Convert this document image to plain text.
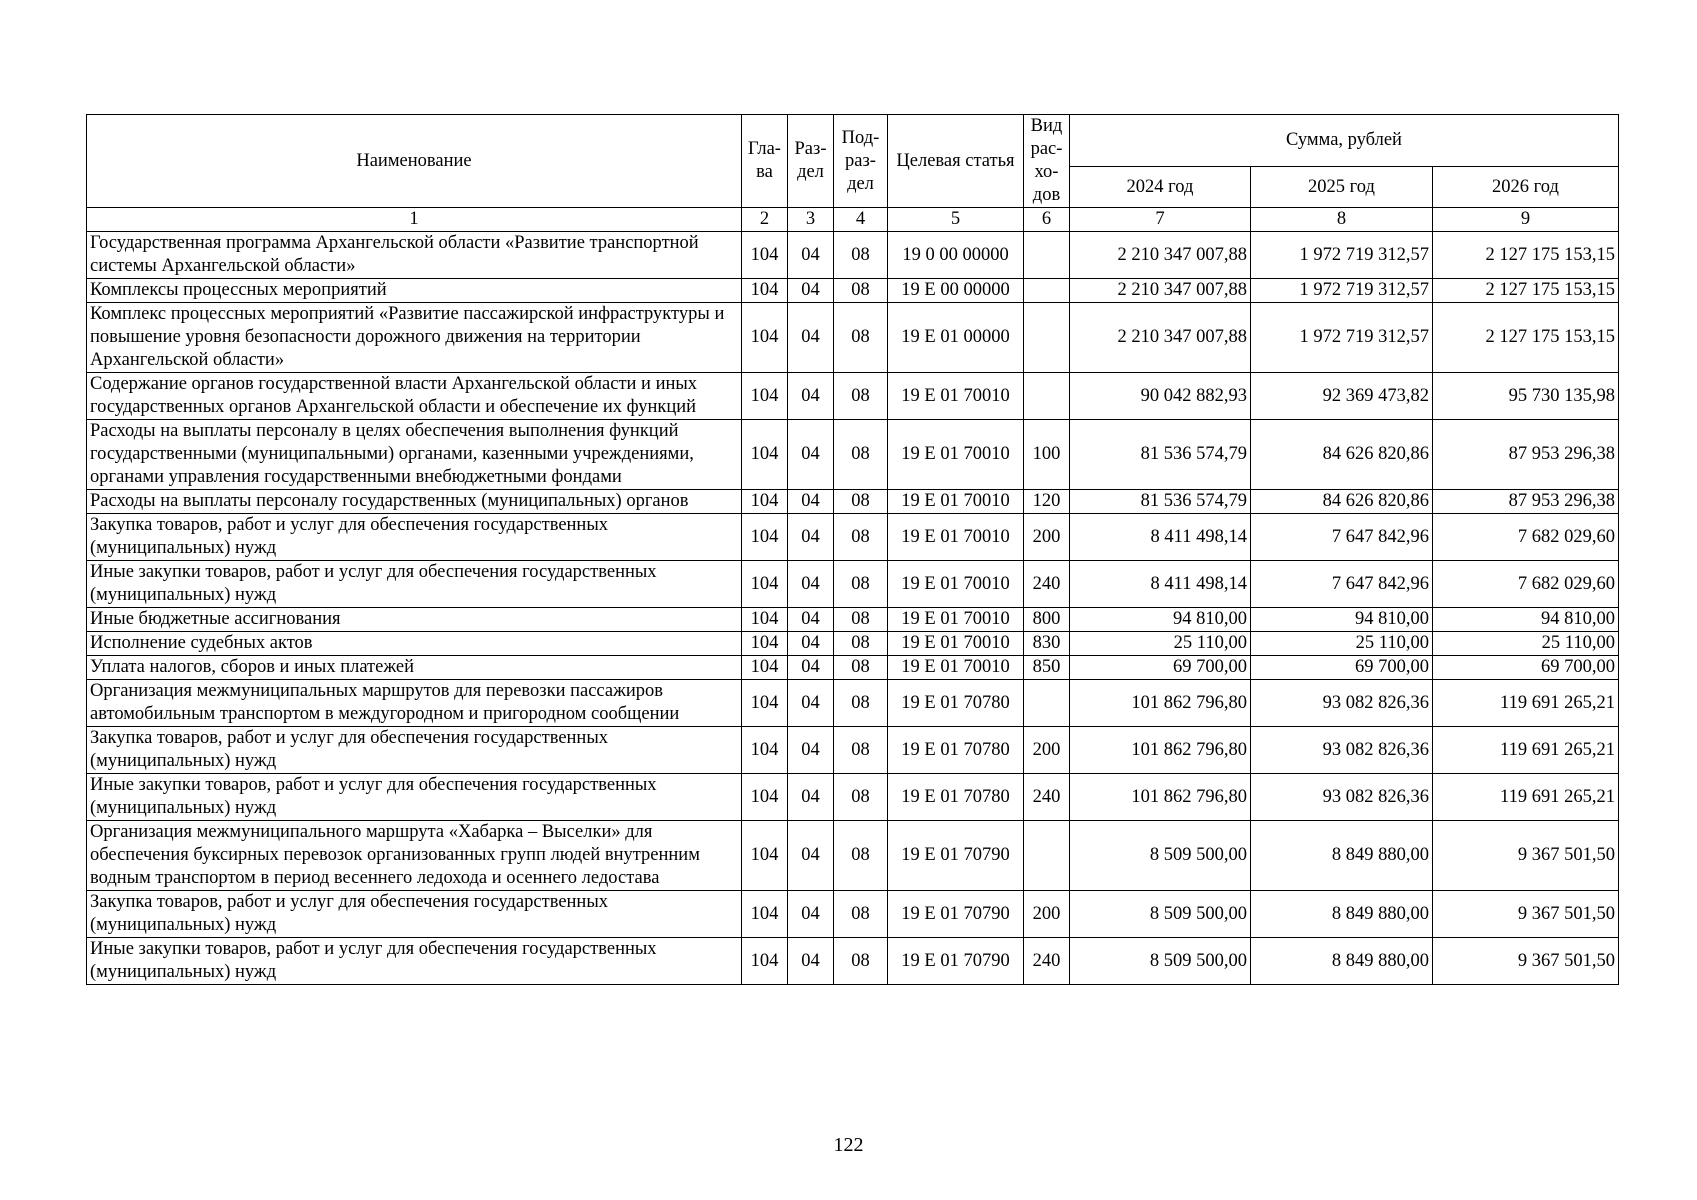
Наименование	Гла-ва	Раз-дел	Под-раз-дел	Целевая статья	Вид рас-хо-дов	Сумма, рублей		
						2024 год	2025 год	2026 год
1	2	3	4	5	6	7	8	9
Государственная программа Архангельской области «Развитие транспортной системы Архангельской области»	104	04	08	19 0 00 00000		2 210 347 007,88	1 972 719 312,57	2 127 175 153,15
Комплексы процессных мероприятий	104	04	08	19 Е 00 00000		2 210 347 007,88	1 972 719 312,57	2 127 175 153,15
Комплекс процессных мероприятий «Развитие пассажирской инфраструктуры и повышение уровня безопасности дорожного движения на территории Архангельской области»	104	04	08	19 Е 01 00000		2 210 347 007,88	1 972 719 312,57	2 127 175 153,15
Содержание органов государственной власти Архангельской области и иных государственных органов Архангельской области и обеспечение их функций	104	04	08	19 Е 01 70010		90 042 882,93	92 369 473,82	95 730 135,98
Расходы на выплаты персоналу в целях обеспечения выполнения функций государственными (муниципальными) органами, казенными учреждениями, органами управления государственными внебюджетными фондами	104	04	08	19 Е 01 70010	100	81 536 574,79	84 626 820,86	87 953 296,38
Расходы на выплаты персоналу государственных (муниципальных) органов	104	04	08	19 Е 01 70010	120	81 536 574,79	84 626 820,86	87 953 296,38
Закупка товаров, работ и услуг для обеспечения государственных (муниципальных) нужд	104	04	08	19 Е 01 70010	200	8 411 498,14	7 647 842,96	7 682 029,60
Иные закупки товаров, работ и услуг для обеспечения государственных (муниципальных) нужд	104	04	08	19 Е 01 70010	240	8 411 498,14	7 647 842,96	7 682 029,60
Иные бюджетные ассигнования	104	04	08	19 Е 01 70010	800	94 810,00	94 810,00	94 810,00
Исполнение судебных актов	104	04	08	19 Е 01 70010	830	25 110,00	25 110,00	25 110,00
Уплата налогов, сборов и иных платежей	104	04	08	19 Е 01 70010	850	69 700,00	69 700,00	69 700,00
Организация межмуниципальных маршрутов для перевозки пассажиров автомобильным транспортом в междугородном и пригородном сообщении	104	04	08	19 Е 01 70780		101 862 796,80	93 082 826,36	119 691 265,21
Закупка товаров, работ и услуг для обеспечения государственных (муниципальных) нужд	104	04	08	19 Е 01 70780	200	101 862 796,80	93 082 826,36	119 691 265,21
Иные закупки товаров, работ и услуг для обеспечения государственных (муниципальных) нужд	104	04	08	19 Е 01 70780	240	101 862 796,80	93 082 826,36	119 691 265,21
Организация межмуниципального маршрута «Хабарка – Выселки» для обеспечения буксирных перевозок организованных групп людей внутренним водным транспортом в период весеннего ледохода и осеннего ледостава	104	04	08	19 Е 01 70790		8 509 500,00	8 849 880,00	9 367 501,50
Закупка товаров, работ и услуг для обеспечения государственных (муниципальных) нужд	104	04	08	19 Е 01 70790	200	8 509 500,00	8 849 880,00	9 367 501,50
Иные закупки товаров, работ и услуг для обеспечения государственных (муниципальных) нужд	104	04	08	19 Е 01 70790	240	8 509 500,00	8 849 880,00	9 367 501,50
122
